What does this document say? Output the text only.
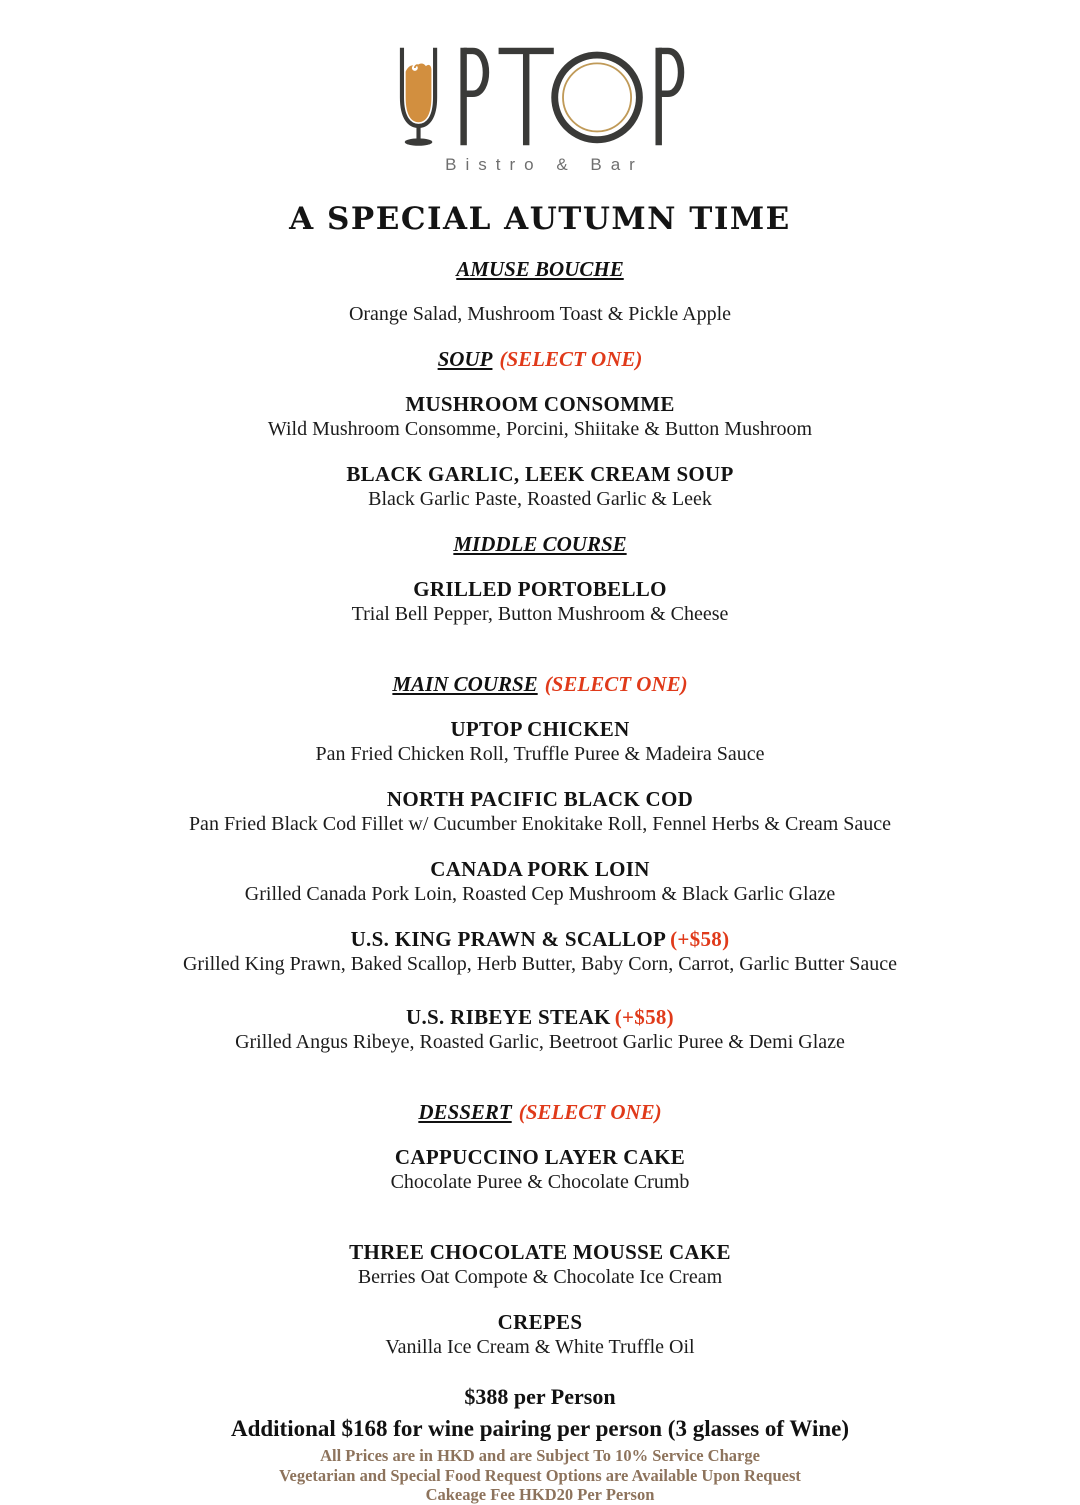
Bistro & Bar
A SPECIAL AUTUMN TIME
AMUSE BOUCHE
Orange Salad, Mushroom Toast & Pickle Apple
SOUP (SELECT ONE)
MUSHROOM CONSOMME
Wild Mushroom Consomme, Porcini, Shiitake & Button Mushroom
BLACK GARLIC, LEEK CREAM SOUP
Black Garlic Paste, Roasted Garlic & Leek
MIDDLE COURSE
GRILLED PORTOBELLO
Trial Bell Pepper, Button Mushroom & Cheese
MAIN COURSE (SELECT ONE)
UPTOP CHICKEN
Pan Fried Chicken Roll, Truffle Puree & Madeira Sauce
NORTH PACIFIC BLACK COD
Pan Fried Black Cod Fillet w/ Cucumber Enokitake Roll, Fennel Herbs & Cream Sauce
CANADA PORK LOIN
Grilled Canada Pork Loin, Roasted Cep Mushroom & Black Garlic Glaze
U.S. KING PRAWN & SCALLOP (+$58)
Grilled King Prawn, Baked Scallop, Herb Butter, Baby Corn, Carrot, Garlic Butter Sauce
U.S. RIBEYE STEAK (+$58)
Grilled Angus Ribeye, Roasted Garlic, Beetroot Garlic Puree & Demi Glaze
DESSERT (SELECT ONE)
CAPPUCCINO LAYER CAKE
Chocolate Puree & Chocolate Crumb
THREE CHOCOLATE MOUSSE CAKE
Berries Oat Compote & Chocolate Ice Cream
CREPES
Vanilla Ice Cream & White Truffle Oil
$388 per Person
Additional $168 for wine pairing per person (3 glasses of Wine)
All Prices are in HKD and are Subject To 10% Service Charge
Vegetarian and Special Food Request Options are Available Upon Request
Cakeage Fee HKD20 Per Person
